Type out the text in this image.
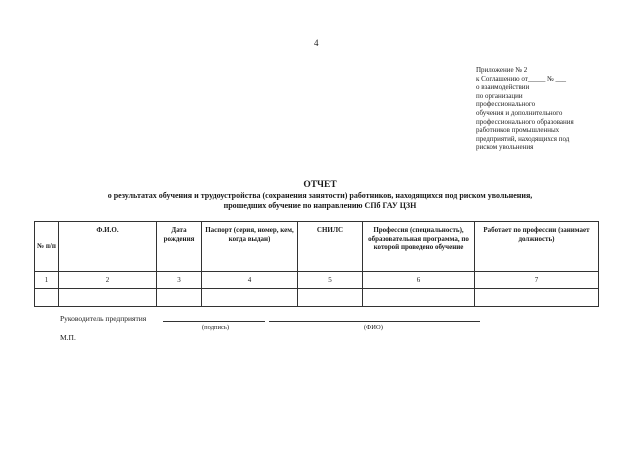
4
Приложение № 2
к Соглашению от_____ № ___
о взаимодействии
по организации
профессионального
обучения и дополнительного
профессионального образования
работников промышленных
предприятий, находящихся под
риском увольнения
ОТЧЕТ
о результатах обучения и трудоустройства (сохранения занятости) работников, находящихся под риском увольнения,
прошедших обучение по направлению СПб ГАУ ЦЗН
№ п/п	Ф.И.О.	Дата рождения	Паспорт (серия, номер, кем, когда выдан)	СНИЛС	Профессия (специальность), образовательная программа, по которой проведено обучение	Работает по профессии (занимает должность)
1	2	3	4	5	6	7

Руководитель предприятия
(подпись)	(ФИО)
М.П.
